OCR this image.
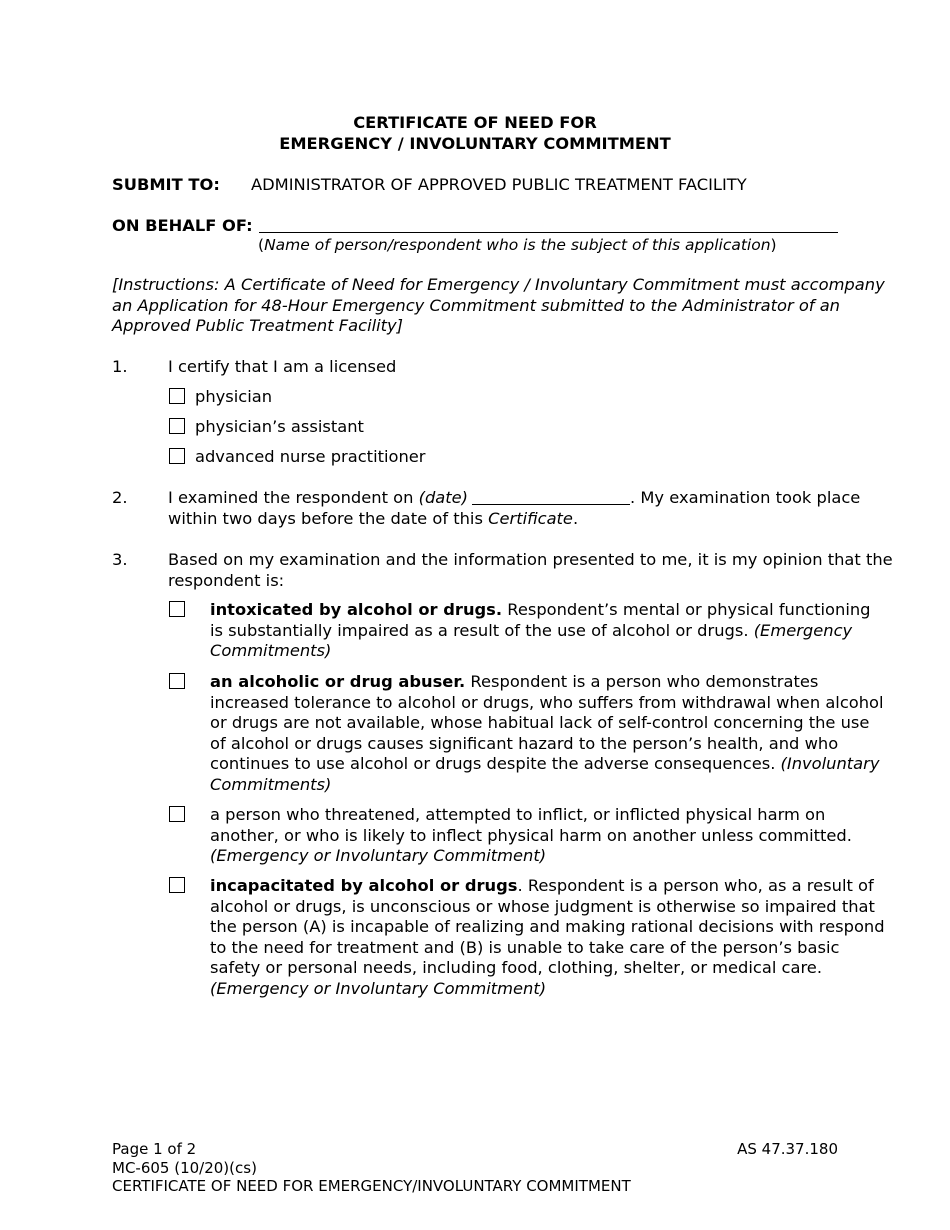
CERTIFICATE OF NEED FOR
EMERGENCY / INVOLUNTARY COMMITMENT
SUBMIT TO: ADMINISTRATOR OF APPROVED PUBLIC TREATMENT FACILITY
ON BEHALF OF:
(Name of person/respondent who is the subject of this application)
[Instructions: A Certificate of Need for Emergency / Involuntary Commitment must accompany
an Application for 48-Hour Emergency Commitment submitted to the Administrator of an
Approved Public Treatment Facility]
1. I certify that I am a licensed
physician
physician’s assistant
advanced nurse practitioner
2. I examined the respondent on (date)	. My examination took place
within two days before the date of this Certificate.
3. Based on my examination and the information presented to me, it is my opinion that the
respondent is:
intoxicated by alcohol or drugs. Respondent’s mental or physical functioning
is substantially impaired as a result of the use of alcohol or drugs. (Emergency
Commitments)
an alcoholic or drug abuser. Respondent is a person who demonstrates
increased tolerance to alcohol or drugs, who suffers from withdrawal when alcohol
or drugs are not available, whose habitual lack of self-control concerning the use
of alcohol or drugs causes significant hazard to the person’s health, and who
continues to use alcohol or drugs despite the adverse consequences. (Involuntary
Commitments)
a person who threatened, attempted to inflict, or inflicted physical harm on
another, or who is likely to inflect physical harm on another unless committed.
(Emergency or Involuntary Commitment)
incapacitated by alcohol or drugs. Respondent is a person who, as a result of
alcohol or drugs, is unconscious or whose judgment is otherwise so impaired that
the person (A) is incapable of realizing and making rational decisions with respond
to the need for treatment and (B) is unable to take care of the person’s basic
safety or personal needs, including food, clothing, shelter, or medical care.
(Emergency or Involuntary Commitment)
Page 1 of 2
MC-605 (10/20)(cs)
CERTIFICATE OF NEED FOR EMERGENCY/INVOLUNTARY COMMITMENT
AS 47.37.180
